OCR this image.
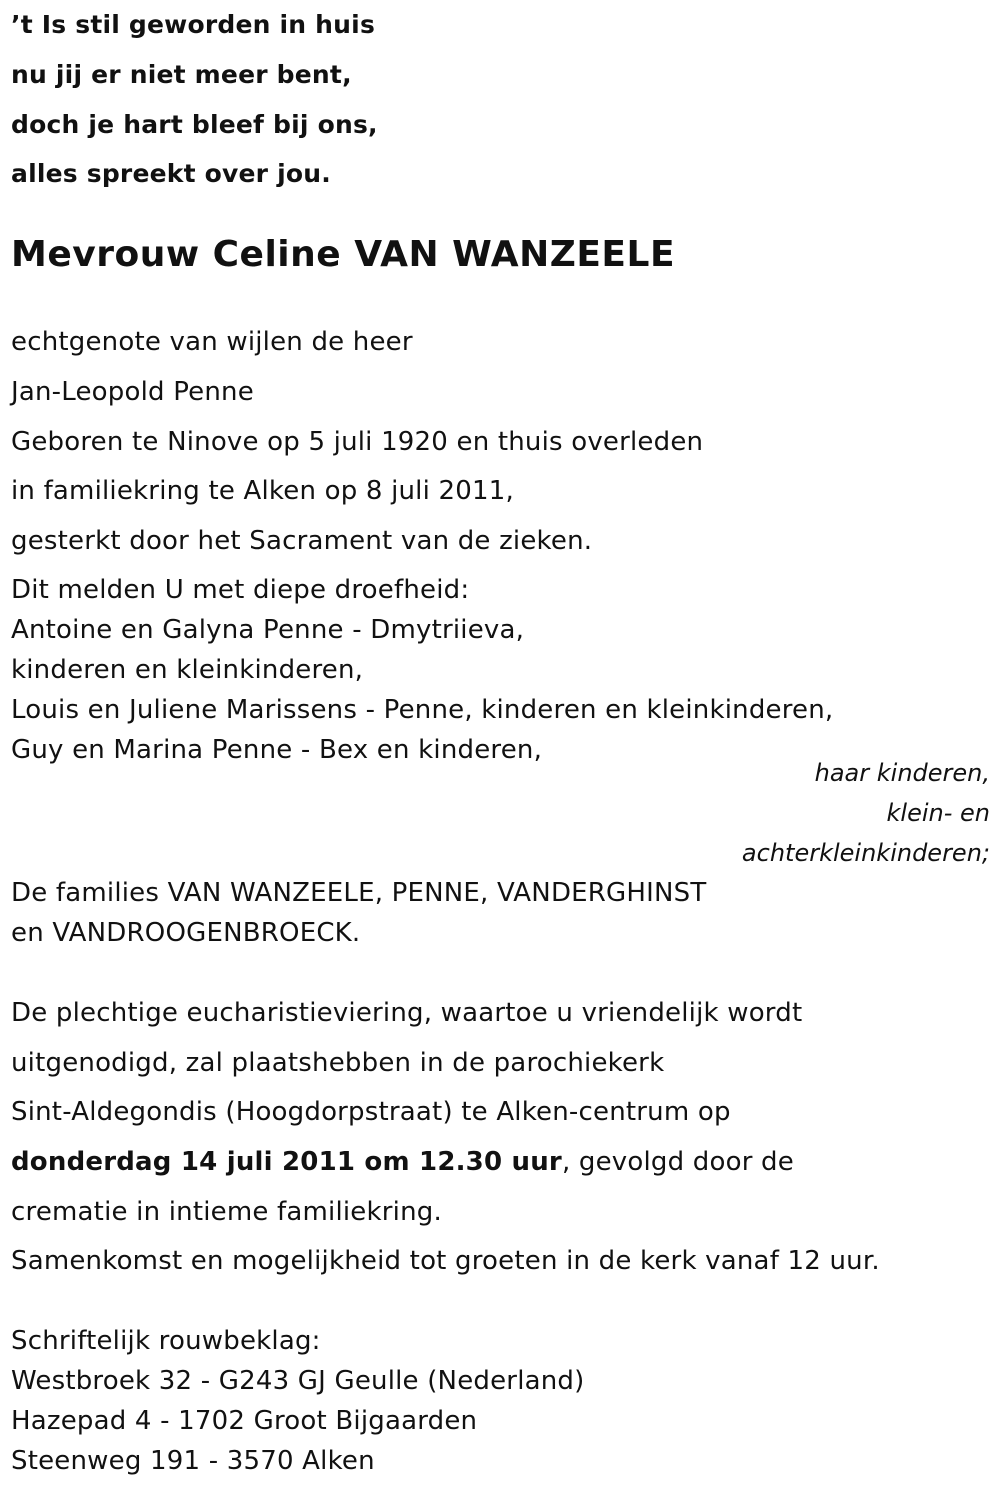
’t Is stil geworden in huis
nu jij er niet meer bent,
doch je hart bleef bij ons,
alles spreekt over jou.
Mevrouw Celine VAN WANZEELE
echtgenote van wijlen de heer
Jan-Leopold Penne
Geboren te Ninove op 5 juli 1920 en thuis overleden
in familiekring te Alken op 8 juli 2011,
gesterkt door het Sacrament van de zieken.
Dit melden U met diepe droefheid:
Antoine en Galyna Penne - Dmytriieva,
kinderen en kleinkinderen,
Louis en Juliene Marissens - Penne, kinderen en kleinkinderen,
Guy en Marina Penne - Bex en kinderen,
haar kinderen,
klein- en
achterkleinkinderen;
De families VAN WANZEELE, PENNE, VANDERGHINST
en VANDROOGENBROECK.
De plechtige eucharistieviering, waartoe u vriendelijk wordt
uitgenodigd, zal plaatshebben in de parochiekerk
Sint-Aldegondis (Hoogdorpstraat) te Alken-centrum op
donderdag 14 juli 2011 om 12.30 uur, gevolgd door de
crematie in intieme familiekring.
Samenkomst en mogelijkheid tot groeten in de kerk vanaf 12 uur.
Schriftelijk rouwbeklag:
Westbroek 32 - G243 GJ Geulle (Nederland)
Hazepad 4 - 1702 Groot Bijgaarden
Steenweg 191 - 3570 Alken
